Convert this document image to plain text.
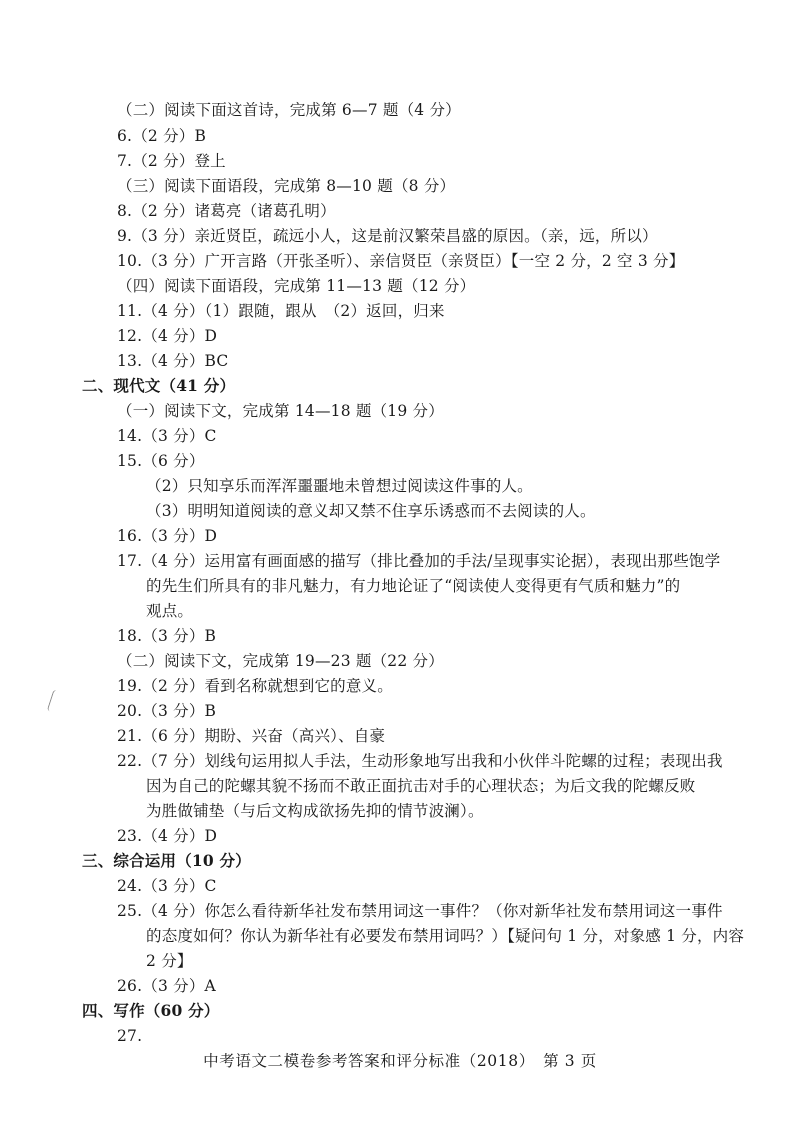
（二）阅读下面这首诗，完成第 6—7 题（4 分）
6.（2 分）B
7.（2 分）登上
（三）阅读下面语段，完成第 8—10 题（8 分）
8.（2 分）诸葛亮（诸葛孔明）
9.（3 分）亲近贤臣，疏远小人，这是前汉繁荣昌盛的原因。（亲，远，所以）
10.（3 分）广开言路（开张圣听）、亲信贤臣（亲贤臣）【一空 2 分，2 空 3 分】
（四）阅读下面语段，完成第 11—13 题（12 分）
11.（4 分）（1）跟随，跟从　（2）返回，归来
12.（4 分）D
13.（4 分）BC
二、现代文（41 分）
（一）阅读下文，完成第 14—18 题（19 分）
14.（3 分）C
15.（6 分）
（2）只知享乐而浑浑噩噩地未曾想过阅读这件事的人。
（3）明明知道阅读的意义却又禁不住享乐诱惑而不去阅读的人。
16.（3 分）D
17.（4 分）运用富有画面感的描写（排比叠加的手法/呈现事实论据），表现出那些饱学
的先生们所具有的非凡魅力，有力地论证了“阅读使人变得更有气质和魅力”的
观点。
18.（3 分）B
（二）阅读下文，完成第 19—23 题（22 分）
19.（2 分）看到名称就想到它的意义。
20.（3 分）B
21.（6 分）期盼、兴奋（高兴）、自豪
22.（7 分）划线句运用拟人手法，生动形象地写出我和小伙伴斗陀螺的过程；表现出我
因为自己的陀螺其貌不扬而不敢正面抗击对手的心理状态；为后文我的陀螺反败
为胜做铺垫（与后文构成欲扬先抑的情节波澜）。
23.（4 分）D
三、综合运用（10 分）
24.（3 分）C
25.（4 分）你怎么看待新华社发布禁用词这一事件？（你对新华社发布禁用词这一事件
的态度如何？你认为新华社有必要发布禁用词吗？）【疑问句 1 分，对象感 1 分，内容
2 分】
26.（3 分）A
四、写作（60 分）
27.
中考语文二模卷参考答案和评分标准（2018）　第 3 页
